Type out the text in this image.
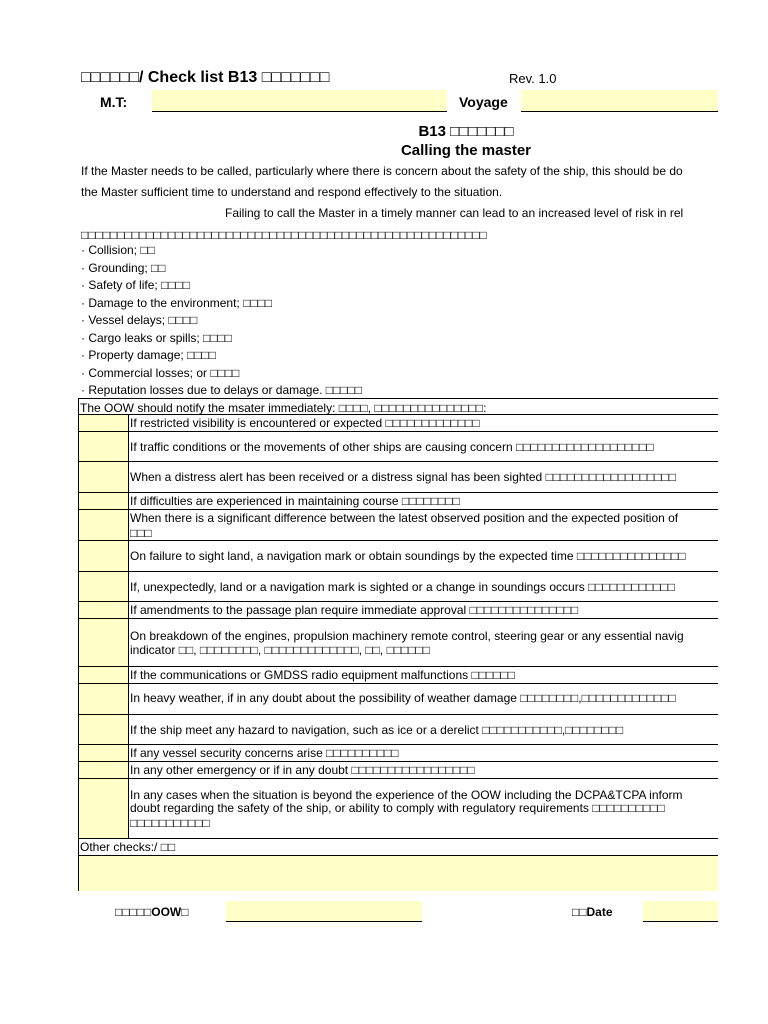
□□□□□□/ Check list B13 □□□□□□□	Rev. 1.0
M.T:	Voyage
B13 □□□□□□□
Calling the master
If the Master needs to be called, particularly where there is concern about the safety of the ship, this should be do
the Master sufficient time to understand and respond effectively to the situation.
Failing to call the Master in a timely manner can lead to an increased level of risk in rel
□□□□□□□□□□□□□□□□□□□□□□□□□□□□□□□□□□□□□□□□□□□□□□□□□□□□□□□□
· Collision; □□
· Grounding; □□
· Safety of life; □□□□
· Damage to the environment; □□□□
· Vessel delays; □□□□
· Cargo leaks or spills; □□□□
· Property damage; □□□□
· Commercial losses; or □□□□
· Reputation losses due to delays or damage. □□□□□
The OOW should notify the msater immediately: □□□□, □□□□□□□□□□□□□□□:
If restricted visibility is encountered or expected □□□□□□□□□□□□□
If traffic conditions or the movements of other ships are causing concern □□□□□□□□□□□□□□□□□□□
When a distress alert has been received or a distress signal has been sighted □□□□□□□□□□□□□□□□□□
If difficulties are experienced in maintaining course □□□□□□□□
When there is a significant difference between the latest observed position and the expected position of
□□□
On failure to sight land, a navigation mark or obtain soundings by the expected time □□□□□□□□□□□□□□□
If, unexpectedly, land or a navigation mark is sighted or a change in soundings occurs □□□□□□□□□□□□
If amendments to the passage plan require immediate approval □□□□□□□□□□□□□□□
On breakdown of the engines, propulsion machinery remote control, steering gear or any essential navig
indicator □□, □□□□□□□□, □□□□□□□□□□□□□, □□, □□□□□□
If the communications or GMDSS radio equipment malfunctions □□□□□□
In heavy weather, if in any doubt about the possibility of weather damage □□□□□□□□,□□□□□□□□□□□□□
If the ship meet any hazard to navigation, such as ice or a derelict □□□□□□□□□□□,□□□□□□□□
If any vessel security concerns arise □□□□□□□□□□
In any other emergency or if in any doubt □□□□□□□□□□□□□□□□□
In any cases when the situation is beyond the experience of the OOW including the DCPA&TCPA inform
doubt regarding the safety of the ship, or ability to comply with regulatory requirements □□□□□□□□□□
□□□□□□□□□□□
Other checks:/ □□
□□□□□OOW□	□□Date
